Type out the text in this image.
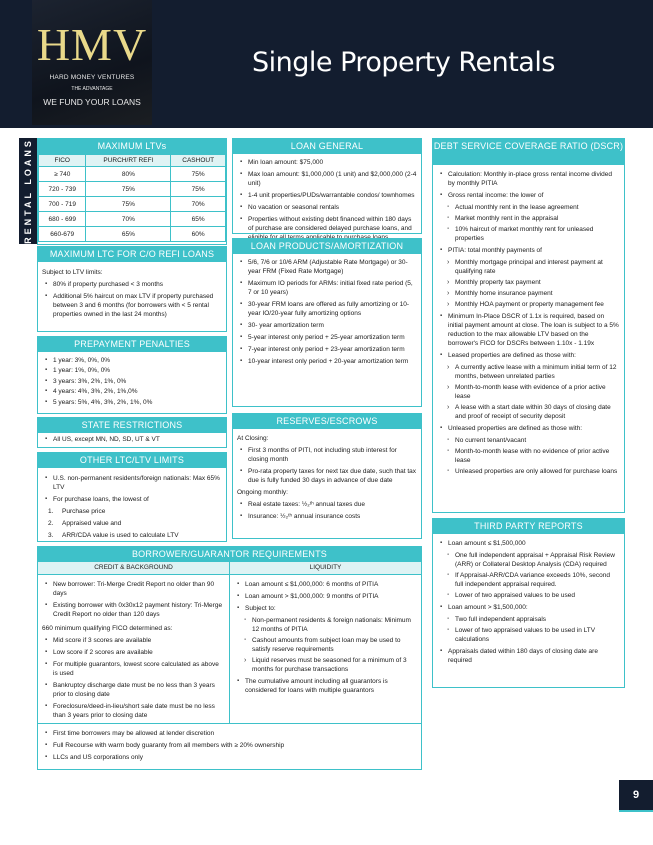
HMV
HARD MONEY VENTURES
THE ADVANTAGE
WE FUND YOUR LOANS
Single Property Rentals
RENTAL LOANS	MAXIMUM LTVs
FICO	PURCH/RT REFI	CASHOUT
≥ 740	80%	75%
720 - 739	75%	75%
700 - 719	75%	70%
680 - 699	70%	65%
660-679	65%	60%
MAXIMUM LTC FOR C/O REFI LOANS
Subject to LTV limits:
▪ 80% if property purchased < 3 months
▪ Additional 5% haircut on max LTV if property purchased between 3 and 6 months (for borrowers with < 5 rental properties owned in the last 24 months)
PREPAYMENT PENALTIES
▪ 1 year: 3%, 0%, 0%
▪ 1 year: 1%, 0%, 0%
▪ 3 years: 3%, 2%, 1%, 0%
▪ 4 years: 4%, 3%, 2%, 1%,0%
▪ 5 years: 5%, 4%, 3%, 2%, 1%, 0%
STATE RESTRICTIONS
▪ All US, except MN, ND, SD, UT & VT
OTHER LTC/LTV LIMITS
▪ U.S. non-permanent residents/foreign nationals: Max 65% LTV
▪ For purchase loans, the lowest of
1. Purchase price
2. Appraised value and
3. ARR/CDA value is used to calculate LTV
LOAN GENERAL
▪ Min loan amount: $75,000
▪ Max loan amount: $1,000,000 (1 unit) and $2,000,000 (2-4 unit)
▪ 1-4 unit properties/PUDs/warrantable condos/ townhomes
▪ No vacation or seasonal rentals
▪ Properties without existing debt financed within 180 days of purchase are considered delayed purchase loans, and
LOAN PRODUCTS/AMORTIZATION
▪ 5/6, 7/6 or 10/6 ARM (Adjustable Rate Mortgage) or 30-year FRM (Fixed Rate Mortgage)
▪ Maximum IO periods for ARMs: initial fixed rate period (5, 7 or 10 years)
▪ 30-year FRM loans are offered as fully amortizing or 10-year IO/20-year fully amortizing options
▪ 30- year amortization term
▪ 5-year interest only period + 25-year amortization term
▪ 7-year interest only period + 23-year amortization term
▪ 10-year interest only period + 20-year amortization term
RESERVES/ESCROWS
At Closing:
▪ First 3 months of PITI, not including stub interest for closing month
▪ Pro-rata property taxes for next tax due date, such that tax due is fully funded 30 days in advance of due date
Ongoing monthly:
▪ Real estate taxes: ½₂ᵗʰ annual taxes due
▪ Insurance: ½₂ᵗʰ annual insurance costs
DEBT SERVICE COVERAGE RATIO (DSCR)
▪ Calculation: Monthly in-place gross rental income divided by monthly PITIA
▪ Gross rental income: the lower of
▪ Actual monthly rent in the lease agreement
▪ Market monthly rent in the appraisal
▪ 10% haircut of market monthly rent for unleased properties
▪ PITIA: total monthly payments of
› Monthly mortgage principal and interest payment at qualifying rate
› Monthly property tax payment
› Monthly home insurance payment
› Monthly HOA payment or property management fee
▪ Minimum In-Place DSCR of 1.1x is required, based on initial payment amount at close. The loan is subject to a 5% reduction to the max allowable LTV based on the borrower's FICO for DSCRs between 1.10x - 1.19x
▪ Leased properties are defined as those with:
› A currently active lease with a minimum initial term of 12 months, between unrelated parties
› Month-to-month lease with evidence of a prior active lease
› A lease with a start date within 30 days of closing date and proof of receipt of security deposit
▪ Unleased properties are defined as those with:
▪ No current tenant/vacant
▪ Month-to-month lease with no evidence of prior active lease
▪ Unleased properties are only allowed for purchase loans
THIRD PARTY REPORTS
▪ Loan amount ≤ $1,500,000
▪ One full independent appraisal + Appraisal Risk Review (ARR) or Collateral Desktop Analysis (CDA) required
▪ If Appraisal-ARR/CDA variance exceeds 10%, second full independent appraisal required.
▪ Lower of two appraised values to be used
▪ Loan amount > $1,500,000:
▪ Two full independent appraisals
▪ Lower of two appraised values to be used in LTV calculations
▪ Appraisals dated within 180 days of closing date are required
BORROWER/GUARANTOR REQUIREMENTS
CREDIT & BACKGROUND
▪ New borrower: Tri-Merge Credit Report no older than 90 days
▪ Existing borrower with 0x30x12 payment history: Tri-Merge Credit Report no older than 120 days
660 minimum qualifying FICO determined as:
▪ Mid score if 3 scores are available
▪ Low score if 2 scores are available
▪ For multiple guarantors, lowest score calculated as above is used
▪ Bankruptcy discharge date must be no less than 3 years prior to closing date
▪ Foreclosure/deed-in-lieu/short sale date must be no less than 3 years prior to closing date
LIQUIDITY
▪ Loan amount ≤ $1,000,000: 6 months of PITIA
▪ Loan amount > $1,000,000: 9 months of PITIA
▪ Subject to:
▪ Non-permanent residents & foreign nationals: Minimum 12 months of PITIA
▪ Cashout amounts from subject loan may be used to satisfy reserve requirements
› Liquid reserves must be seasoned for a minimum of 3 months for purchase transactions
▪ The cumulative amount including all guarantors is considered for loans with multiple guarantors
▪ First time borrowers may be allowed at lender discretion
▪ Full Recourse with warm body guaranty from all members with ≥ 20% ownership
▪ LLCs and US corporations only
9
